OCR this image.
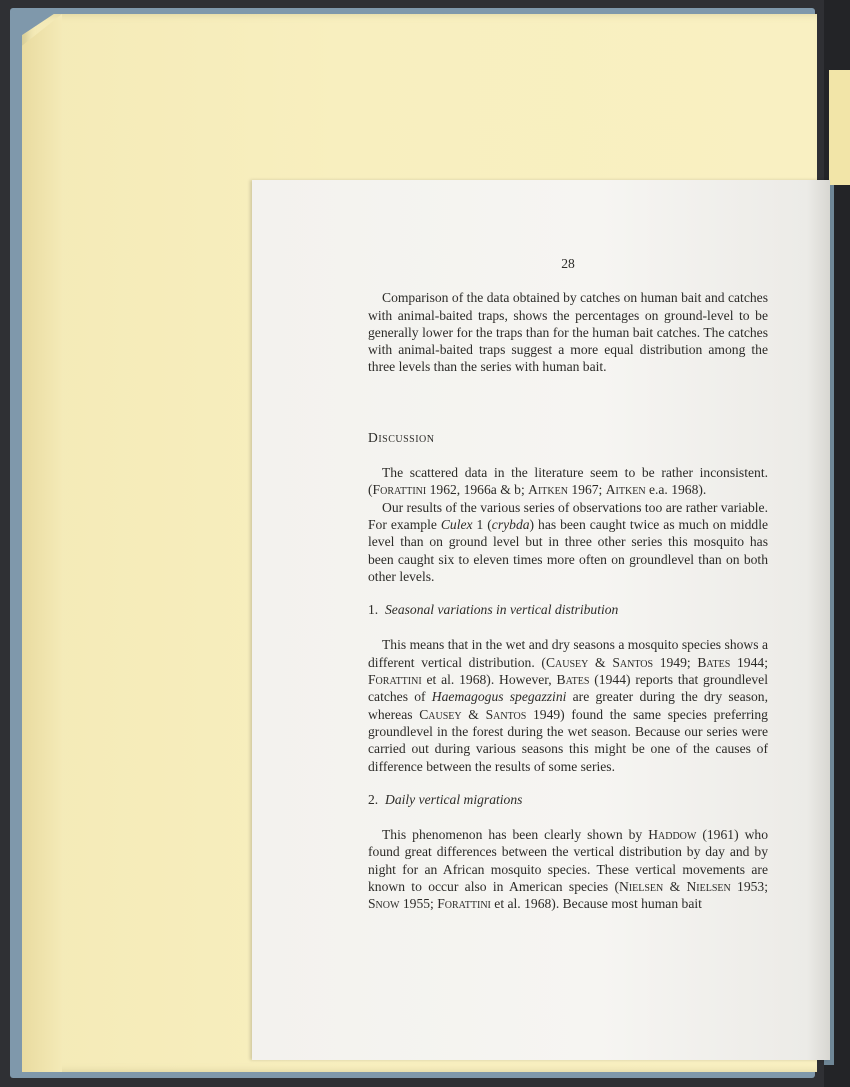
28

Comparison of the data obtained by catches on human bait and catches with animal-baited traps, shows the percentages on ground-level to be generally lower for the traps than for the human bait catches. The catches with animal-baited traps suggest a more equal distribution among the three levels than the series with human bait.

Discussion

The scattered data in the literature seem to be rather inconsistent. (Forattini 1962, 1966a & b; Aitken 1967; Aitken e.a. 1968).

Our results of the various series of observations too are rather variable. For example Culex 1 (crybda) has been caught twice as much on middle level than on ground level but in three other series this mosquito has been caught six to eleven times more often on groundlevel than on both other levels.

1. Seasonal variations in vertical distribution

This means that in the wet and dry seasons a mosquito species shows a different vertical distribution. (Causey & Santos 1949; Bates 1944; Forattini et al. 1968). However, Bates (1944) reports that groundlevel catches of Haemagogus spegazzini are greater during the dry season, whereas Causey & Santos 1949) found the same species preferring groundlevel in the forest during the wet season. Because our series were carried out during various seasons this might be one of the causes of difference between the results of some series.

2. Daily vertical migrations

This phenomenon has been clearly shown by Haddow (1961) who found great differences between the vertical distribution by day and by night for an African mosquito species. These vertical movements are known to occur also in American species (Nielsen & Nielsen 1953; Snow 1955; Forattini et al. 1968). Because most human bait
